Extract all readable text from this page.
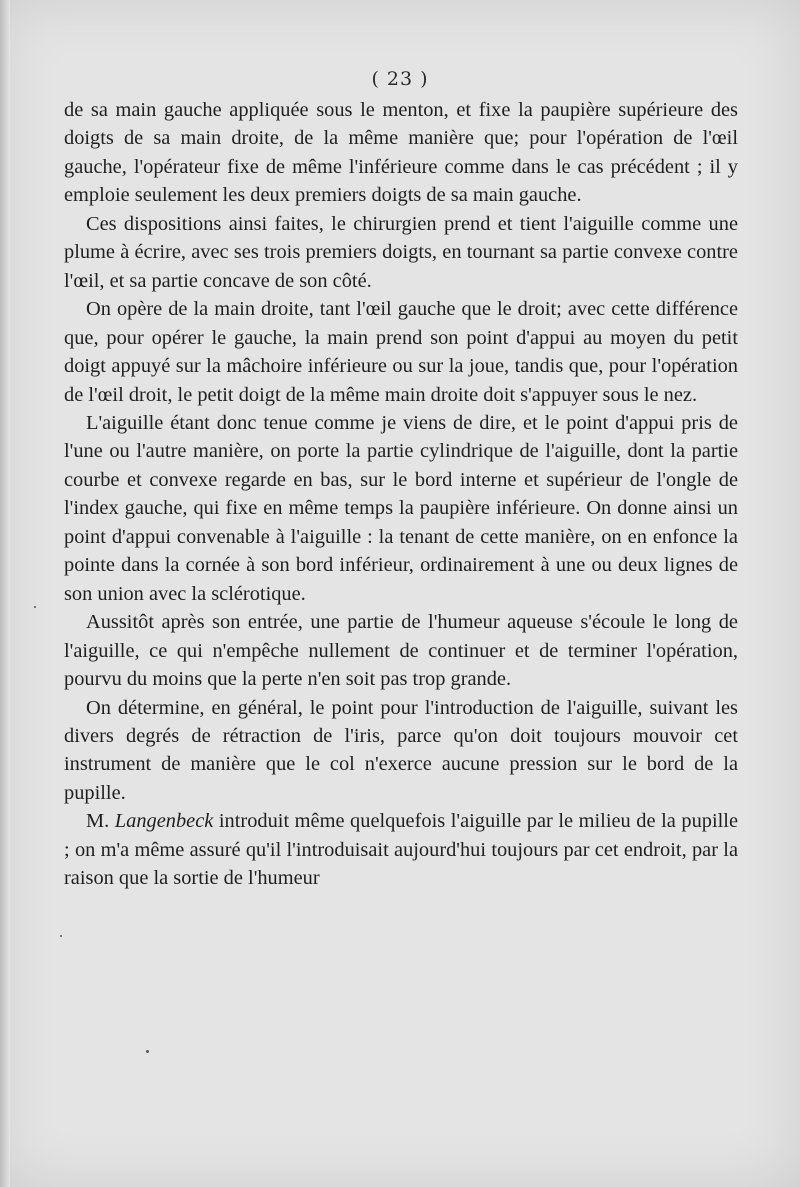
( 23 )

de sa main gauche appliquée sous le menton, et fixe la paupière supérieure des doigts de sa main droite, de la même manière que; pour l'opération de l'œil gauche, l'opérateur fixe de même l'inférieure comme dans le cas précédent ; il y emploie seulement les deux premiers doigts de sa main gauche.

Ces dispositions ainsi faites, le chirurgien prend et tient l'aiguille comme une plume à écrire, avec ses trois premiers doigts, en tournant sa partie convexe contre l'œil, et sa partie concave de son côté.

On opère de la main droite, tant l'œil gauche que le droit; avec cette différence que, pour opérer le gauche, la main prend son point d'appui au moyen du petit doigt appuyé sur la mâchoire inférieure ou sur la joue, tandis que, pour l'opération de l'œil droit, le petit doigt de la même main droite doit s'appuyer sous le nez.

L'aiguille étant donc tenue comme je viens de dire, et le point d'appui pris de l'une ou l'autre manière, on porte la partie cylindrique de l'aiguille, dont la partie courbe et convexe regarde en bas, sur le bord interne et supérieur de l'ongle de l'index gauche, qui fixe en même temps la paupière inférieure. On donne ainsi un point d'appui convenable à l'aiguille : la tenant de cette manière, on en enfonce la pointe dans la cornée à son bord inférieur, ordinairement à une ou deux lignes de son union avec la sclérotique.

Aussitôt après son entrée, une partie de l'humeur aqueuse s'écoule le long de l'aiguille, ce qui n'empêche nullement de continuer et de terminer l'opération, pourvu du moins que la perte n'en soit pas trop grande.

On détermine, en général, le point pour l'introduction de l'aiguille, suivant les divers degrés de rétraction de l'iris, parce qu'on doit toujours mouvoir cet instrument de manière que le col n'exerce aucune pression sur le bord de la pupille.

M. Langenbeck introduit même quelquefois l'aiguille par le milieu de la pupille ; on m'a même assuré qu'il l'introduisait aujourd'hui toujours par cet endroit, par la raison que la sortie de l'humeur
